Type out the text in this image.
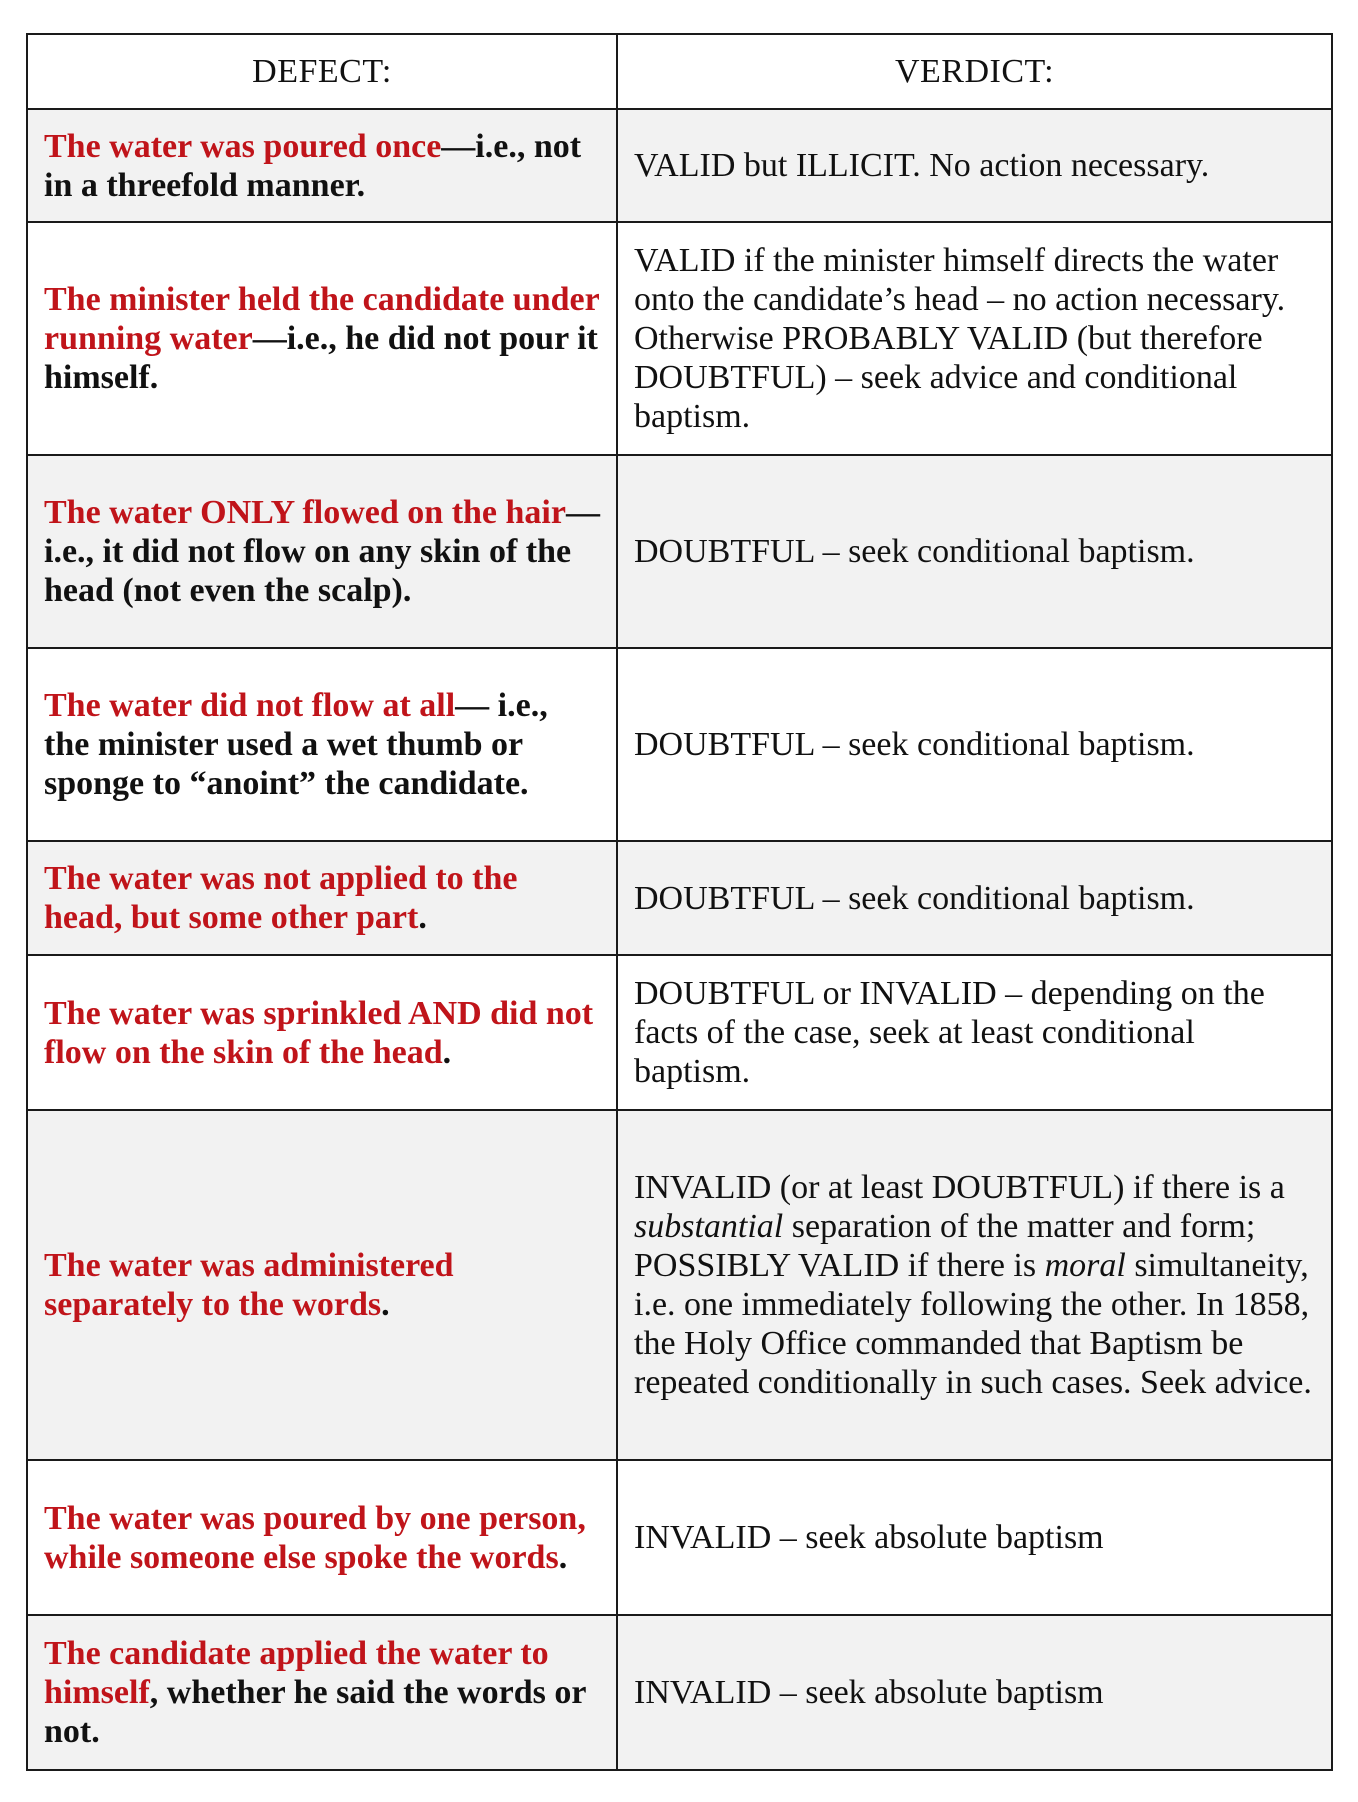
DEFECT:	VERDICT:
The water was poured once—i.e., not in a threefold manner.	VALID but ILLICIT. No action necessary.
The minister held the candidate under running water—i.e., he did not pour it himself.	VALID if the minister himself directs the water onto the candidate’s head – no action necessary. Otherwise PROBABLY VALID (but therefore DOUBTFUL) – seek advice and conditional baptism.
The water ONLY flowed on the hair—i.e., it did not flow on any skin of the head (not even the scalp).	DOUBTFUL – seek conditional baptism.
The water did not flow at all— i.e., the minister used a wet thumb or sponge to “anoint” the candidate.	DOUBTFUL – seek conditional baptism.
The water was not applied to the head, but some other part.	DOUBTFUL – seek conditional baptism.
The water was sprinkled AND did not flow on the skin of the head.	DOUBTFUL or INVALID – depending on the facts of the case, seek at least conditional baptism.
The water was administered separately to the words.	INVALID (or at least DOUBTFUL) if there is a substantial separation of the matter and form; POSSIBLY VALID if there is moral simultaneity, i.e. one immediately following the other. In 1858, the Holy Office commanded that Baptism be repeated conditionally in such cases. Seek advice.
The water was poured by one person, while someone else spoke the words.	INVALID – seek absolute baptism
The candidate applied the water to himself, whether he said the words or not.	INVALID – seek absolute baptism
